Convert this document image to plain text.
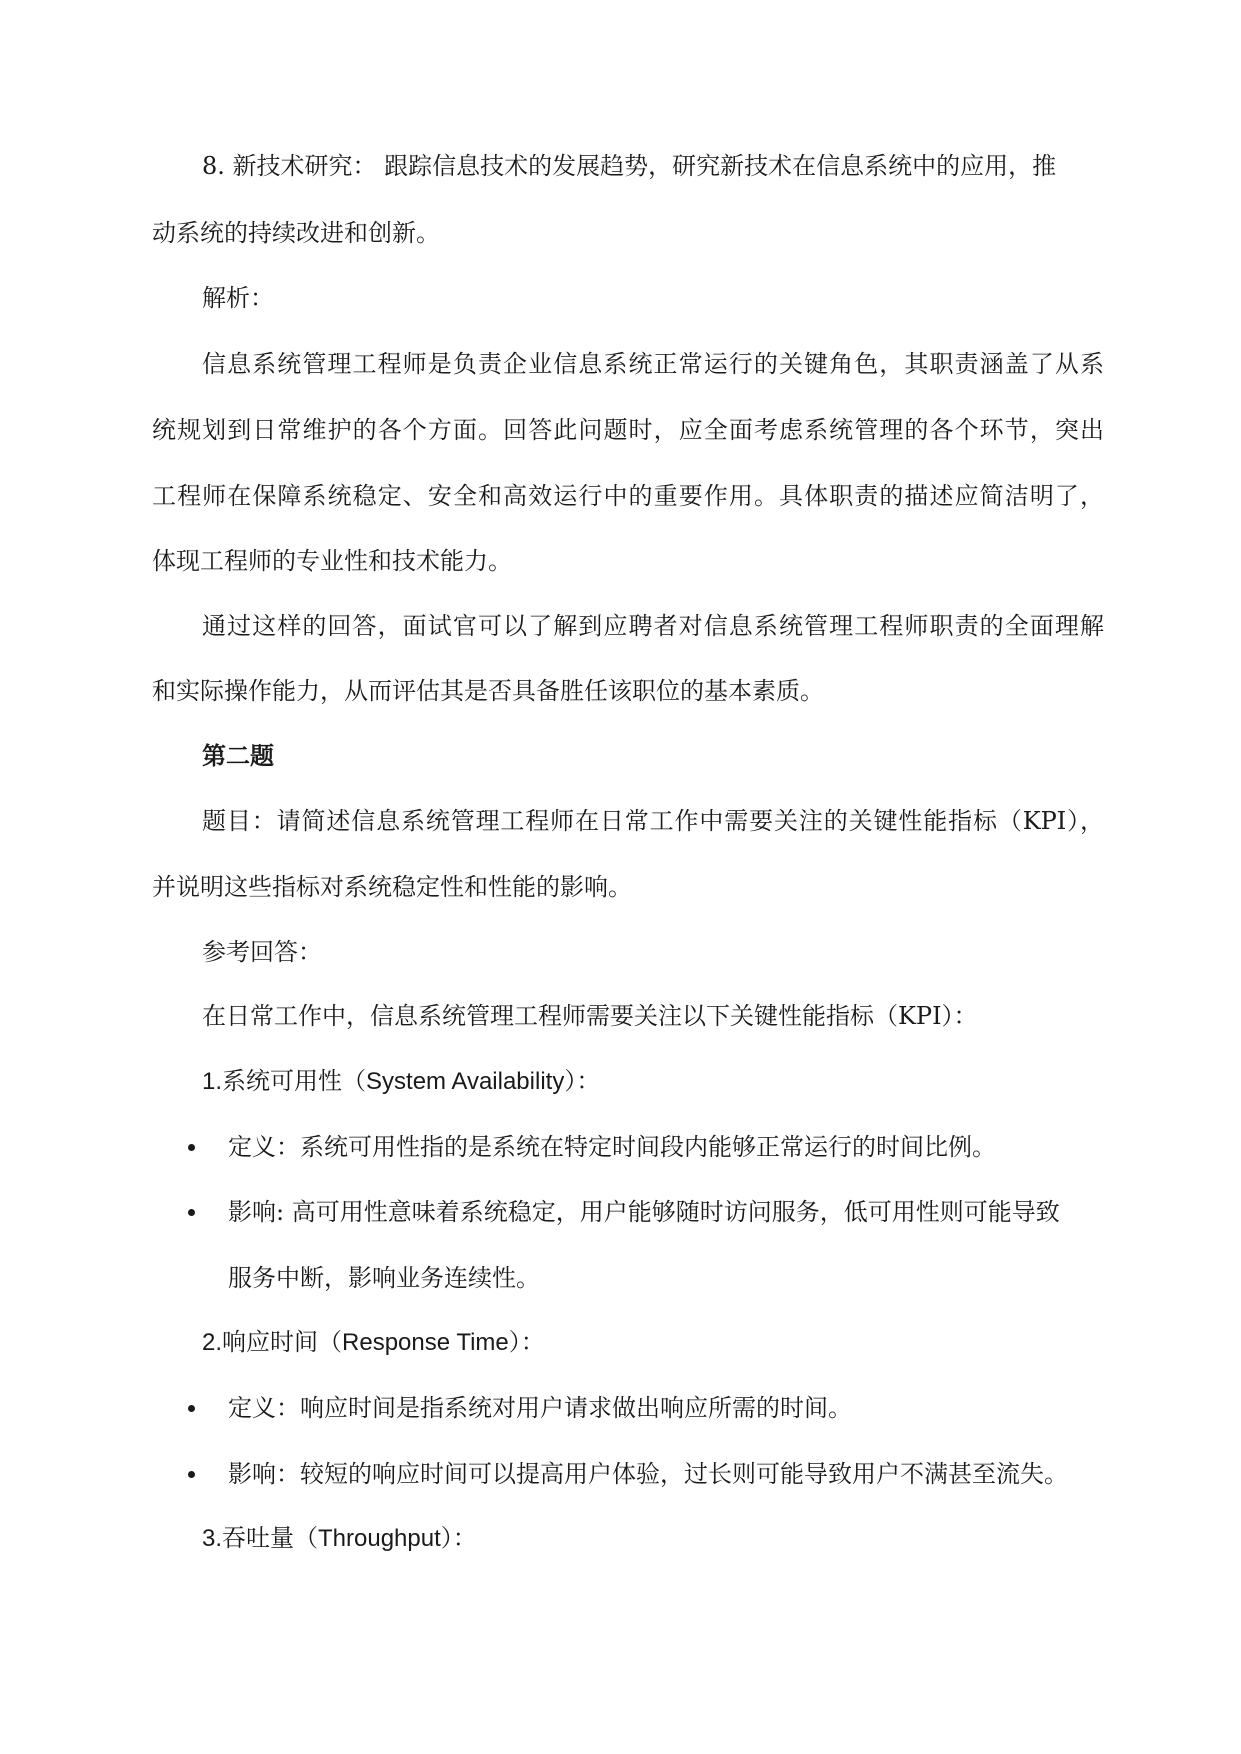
8. 新技术研究： 跟踪信息技术的发展趋势，研究新技术在信息系统中的应用，推

动系统的持续改进和创新。

解析：

信息系统管理工程师是负责企业信息系统正常运行的关键角色，其职责涵盖了从系

统规划到日常维护的各个方面。回答此问题时，应全面考虑系统管理的各个环节，突出

工程师在保障系统稳定、安全和高效运行中的重要作用。具体职责的描述应简洁明了，

体现工程师的专业性和技术能力。

通过这样的回答，面试官可以了解到应聘者对信息系统管理工程师职责的全面理解

和实际操作能力，从而评估其是否具备胜任该职位的基本素质。

第二题

题目：请简述信息系统管理工程师在日常工作中需要关注的关键性能指标（KPI），

并说明这些指标对系统稳定性和性能的影响。

参考回答：

在日常工作中，信息系统管理工程师需要关注以下关键性能指标（KPI）：

1.系统可用性（System Availability）：

定义：系统可用性指的是系统在特定时间段内能够正常运行的时间比例。
影响: 高可用性意味着系统稳定，用户能够随时访问服务，低可用性则可能导致

服务中断，影响业务连续性。

2.响应时间（Response Time）：

定义：响应时间是指系统对用户请求做出响应所需的时间。
影响：较短的响应时间可以提高用户体验，过长则可能导致用户不满甚至流失。

3.吞吐量（Throughput）：
